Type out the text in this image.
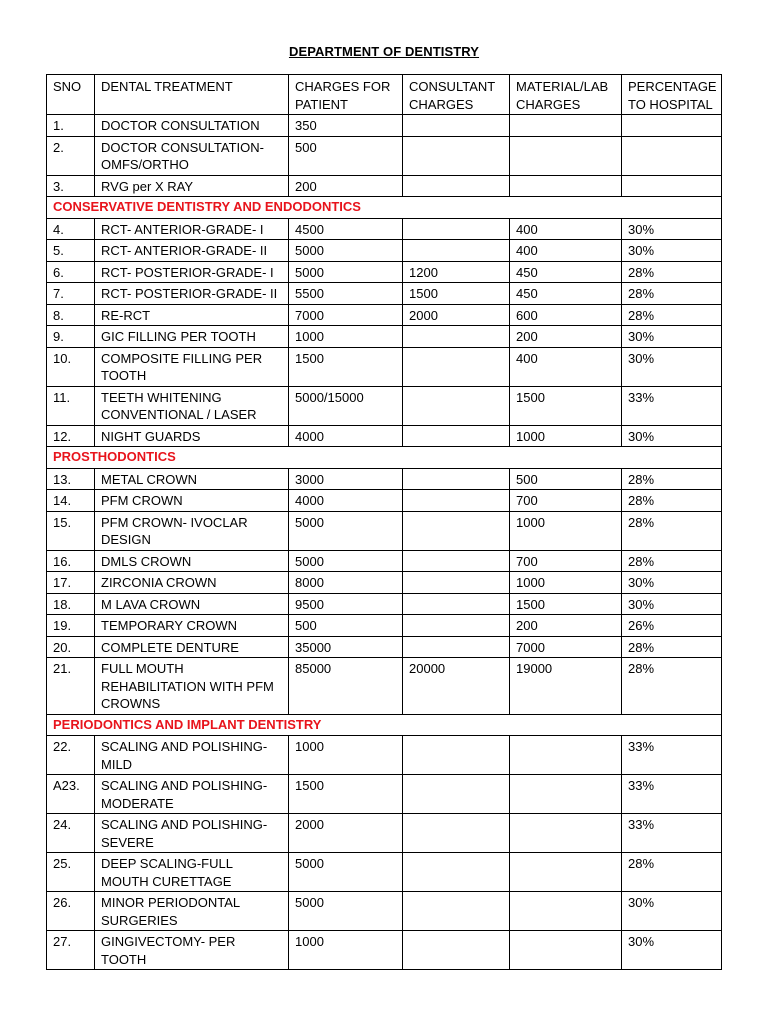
DEPARTMENT OF DENTISTRY
SNO	DENTAL TREATMENT	CHARGES FOR PATIENT	CONSULTANT CHARGES	MATERIAL/LAB CHARGES	PERCENTAGE TO HOSPITAL
1.	DOCTOR CONSULTATION	350			
2.	DOCTOR CONSULTATION-OMFS/ORTHO	500			
3.	RVG per X RAY	200			
CONSERVATIVE DENTISTRY AND ENDODONTICS					
4.	RCT- ANTERIOR-GRADE- I	4500		400	30%
5.	RCT- ANTERIOR-GRADE- II	5000		400	30%
6.	RCT- POSTERIOR-GRADE- I	5000	1200	450	28%
7.	RCT- POSTERIOR-GRADE- II	5500	1500	450	28%
8.	RE-RCT	7000	2000	600	28%
9.	GIC FILLING PER TOOTH	1000		200	30%
10.	COMPOSITE FILLING PER TOOTH	1500		400	30%
11.	TEETH WHITENING CONVENTIONAL / LASER	5000/15000		1500	33%
12.	NIGHT GUARDS	4000		1000	30%
PROSTHODONTICS					
13.	METAL CROWN	3000		500	28%
14.	PFM CROWN	4000		700	28%
15.	PFM CROWN- IVOCLAR DESIGN	5000		1000	28%
16.	DMLS CROWN	5000		700	28%
17.	ZIRCONIA CROWN	8000		1000	30%
18.	M LAVA CROWN	9500		1500	30%
19.	TEMPORARY CROWN	500		200	26%
20.	COMPLETE DENTURE	35000		7000	28%
21.	FULL MOUTH REHABILITATION WITH PFM CROWNS	85000	20000	19000	28%
PERIODONTICS AND IMPLANT DENTISTRY					
22.	SCALING AND POLISHING-MILD	1000			33%
A23.	SCALING AND POLISHING-MODERATE	1500			33%
24.	SCALING AND POLISHING-SEVERE	2000			33%
25.	DEEP SCALING-FULL MOUTH CURETTAGE	5000			28%
26.	MINOR PERIODONTAL SURGERIES	5000			30%
27.	GINGIVECTOMY- PER TOOTH	1000			30%
